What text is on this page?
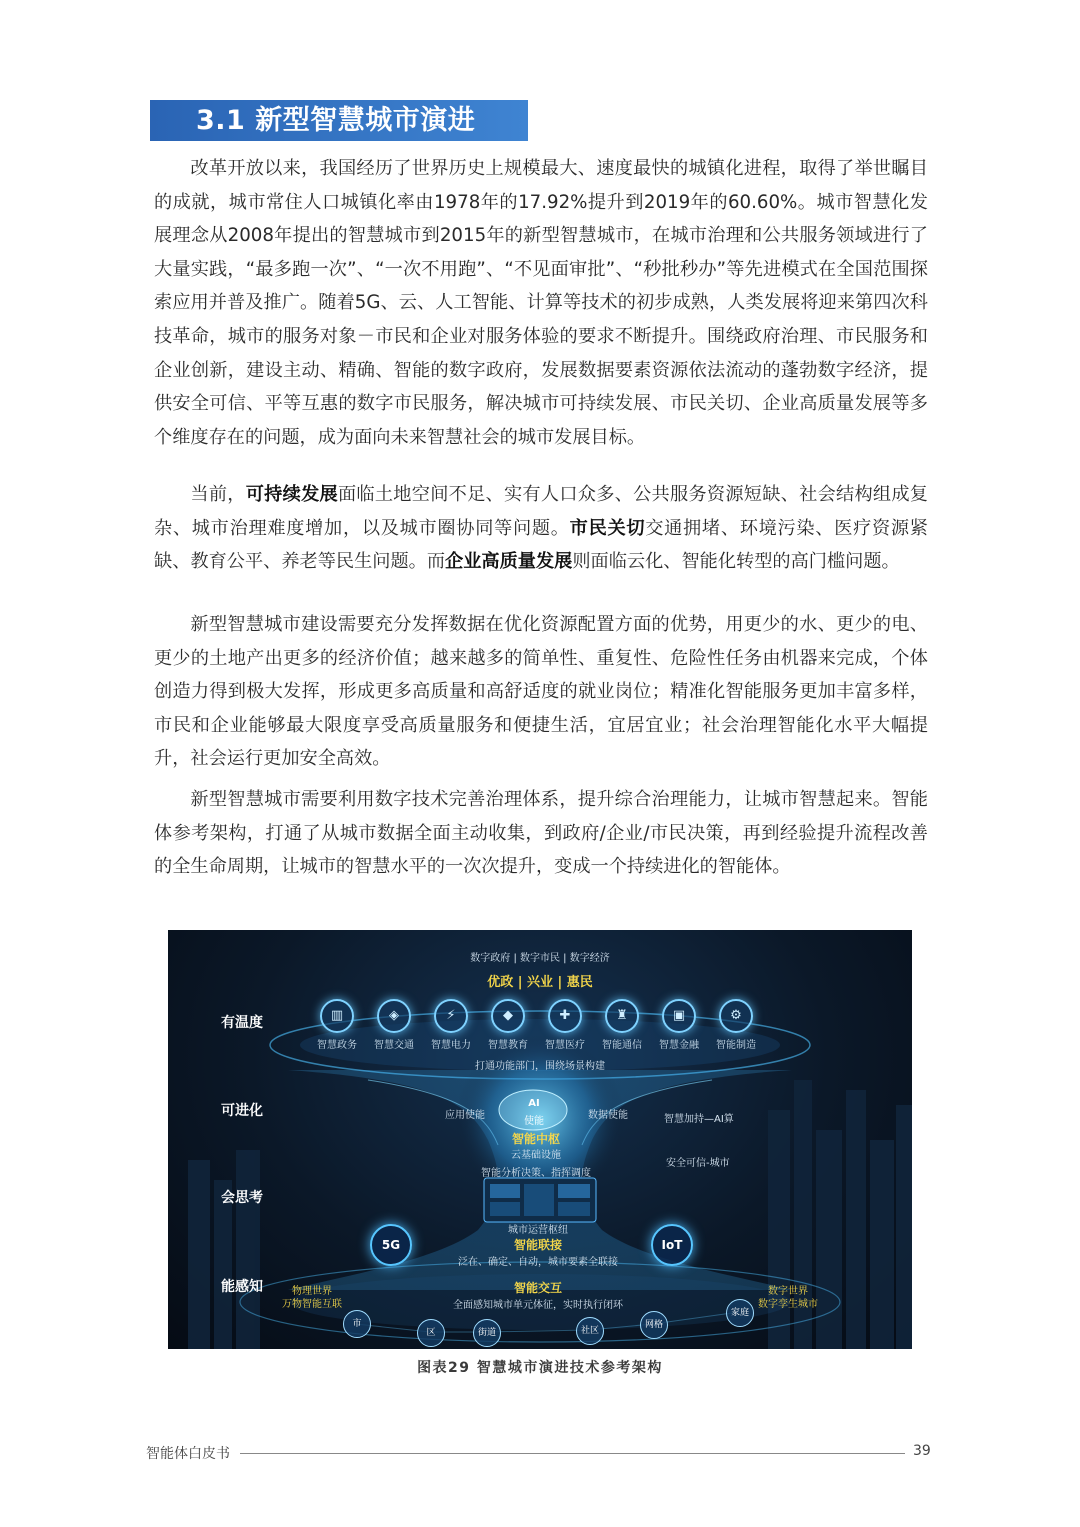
3.1 新型智慧城市演进

改革开放以来，我国经历了世界历史上规模最大、速度最快的城镇化进程，取得了举世瞩目的成就，城市常住人口城镇化率由1978年的17.92%提升到2019年的60.60%。城市智慧化发展理念从2008年提出的智慧城市到2015年的新型智慧城市，在城市治理和公共服务领域进行了大量实践，“最多跑一次”、“一次不用跑”、“不见面审批”、“秒批秒办”等先进模式在全国范围探索应用并普及推广。随着5G、云、人工智能、计算等技术的初步成熟，人类发展将迎来第四次科技革命，城市的服务对象－市民和企业对服务体验的要求不断提升。围绕政府治理、市民服务和企业创新，建设主动、精确、智能的数字政府，发展数据要素资源依法流动的蓬勃数字经济，提供安全可信、平等互惠的数字市民服务，解决城市可持续发展、市民关切、企业高质量发展等多个维度存在的问题，成为面向未来智慧社会的城市发展目标。

当前，可持续发展面临土地空间不足、实有人口众多、公共服务资源短缺、社会结构组成复杂、城市治理难度增加，以及城市圈协同等问题。市民关切交通拥堵、环境污染、医疗资源紧缺、教育公平、养老等民生问题。而企业高质量发展则面临云化、智能化转型的高门槛问题。

新型智慧城市建设需要充分发挥数据在优化资源配置方面的优势，用更少的水、更少的电、更少的土地产出更多的经济价值；越来越多的简单性、重复性、危险性任务由机器来完成，个体创造力得到极大发挥，形成更多高质量和高舒适度的就业岗位；精准化智能服务更加丰富多样，市民和企业能够最大限度享受高质量服务和便捷生活，宜居宜业；社会治理智能化水平大幅提升，社会运行更加安全高效。

新型智慧城市需要利用数字技术完善治理体系，提升综合治理能力，让城市智慧起来。智能体参考架构，打通了从城市数据全面主动收集，到政府/企业/市民决策，再到经验提升流程改善的全生命周期，让城市的智慧水平的一次次提升，变成一个持续进化的智能体。

数字政府 | 数字市民 | 数字经济
优政 | 兴业 | 惠民
有温度
可进化
会思考
能感知
▥	◈	⚡	◆	✚	♜	▣	⚙
智慧政务	智慧交通	智慧电力	智慧教育	智慧医疗	智能通信	智慧金融	智能制造
打通功能部门，围绕场景构建
应用使能	数据使能
AI
使能
智能中枢
云基础设施
智慧加持—AI算
安全可信-城市
智能分析决策、指挥调度
城市运营枢纽
智能联接
泛在、确定、自动，城市要素全联接
5G	IoT
智能交互
全面感知城市单元体征，实时执行闭环
物理世界
万物智能互联
数字世界
数字孪生城市
市
区	街道	社区
网格
家庭
图表29 智慧城市演进技术参考架构
智能体白皮书	39
